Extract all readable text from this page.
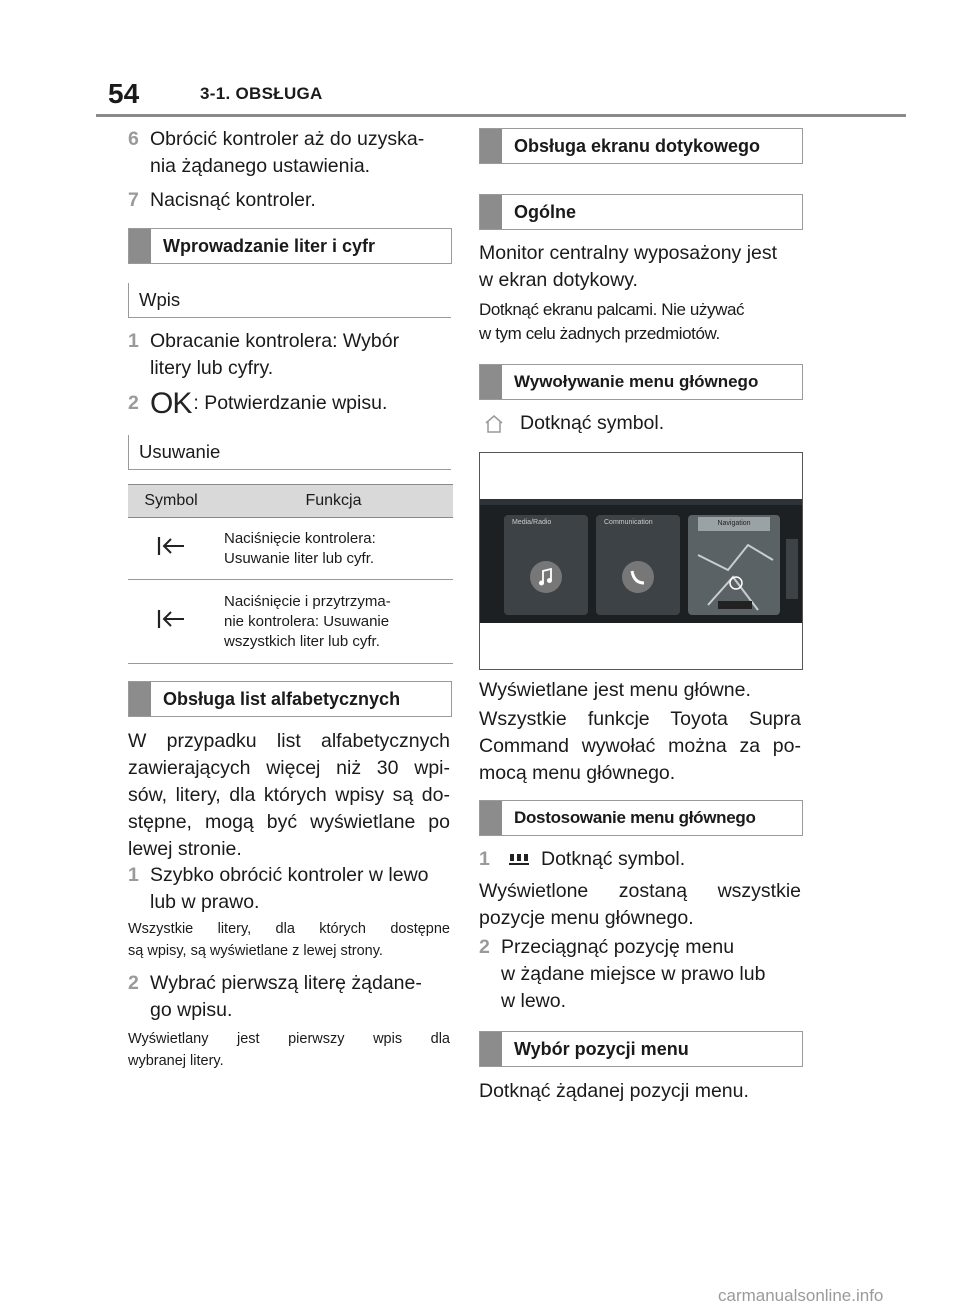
54	3-1. OBSŁUGA
6 Obrócić kontroler aż do uzyska-
nia żądanego ustawienia.
7 Nacisnąć kontroler.
Wprowadzanie liter i cyfr
Wpis
1 Obracanie kontrolera: Wybór
litery lub cyfry.
2 OK : Potwierdzanie wpisu.
Usuwanie
Symbol	Funkcja
	Naciśnięcie kontrolera:
Usuwanie liter lub cyfr.
	Naciśnięcie i przytrzyma-
nie kontrolera: Usuwanie
wszystkich liter lub cyfr.
Obsługa list alfabetycznych
W przypadku list alfabetycznych
zawierających więcej niż 30 wpi-
sów, litery, dla których wpisy są do-
stępne, mogą być wyświetlane po
lewej stronie.
1 Szybko obrócić kontroler w lewo
lub w prawo.
Wszystkie litery, dla których dostępne
są wpisy, są wyświetlane z lewej strony.
2 Wybrać pierwszą literę żądane-
go wpisu.
Wyświetlany jest pierwszy wpis dla
wybranej litery.
Obsługa ekranu dotykowego
Ogólne
Monitor centralny wyposażony jest
w ekran dotykowy.
Dotknąć ekranu palcami. Nie używać
w tym celu żadnych przedmiotów.
Wywoływanie menu głównego
Dotknąć symbol.
Media/Radio	Communication	Navigation
Wyświetlane jest menu główne.
Wszystkie funkcje Toyota Supra
Command wywołać można za po-
mocą menu głównego.
Dostosowanie menu głównego
1	Dotknąć symbol.
Wyświetlone zostaną wszystkie
pozycje menu głównego.
2 Przeciągnąć pozycję menu
w żądane miejsce w prawo lub
w lewo.
Wybór pozycji menu
Dotknąć żądanej pozycji menu.
carmanualsonline.info
